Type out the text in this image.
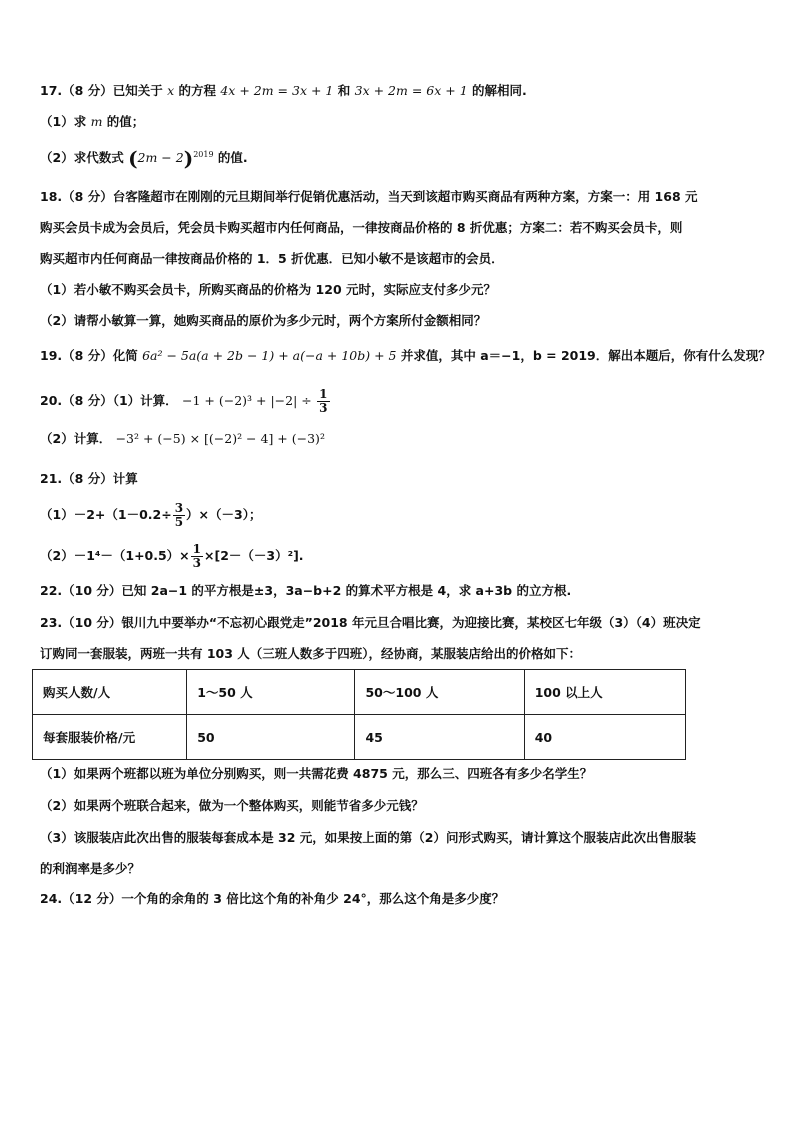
17.（8 分）已知关于 x 的方程 4x + 2m = 3x + 1 和 3x + 2m = 6x + 1 的解相同.
（1）求 m 的值；
（2）求代数式 $(2m - 2)^{2019}$ 的值.
18.（8 分）台客隆超市在刚刚的元旦期间举行促销优惠活动，当天到该超市购买商品有两种方案，方案一：用 168 元
购买会员卡成为会员后，凭会员卡购买超市内任何商品，一律按商品价格的 8 折优惠；方案二：若不购买会员卡，则
购买超市内任何商品一律按商品价格的 1．5 折优惠．已知小敏不是该超市的会员．
（1）若小敏不购买会员卡，所购买商品的价格为 120 元时，实际应支付多少元？
（2）请帮小敏算一算，她购买商品的原价为多少元时，两个方案所付金额相同？
19.（8 分）化简 6a² − 5a(a + 2b − 1) + a(−a + 10b) + 5 并求值，其中 a＝−1，b = 2019．解出本题后，你有什么发现？
20.（8 分）（1）计算． $-1 + (-2)^3 + |-2| \div \frac{1}{3}$
（2）计算． −3² + (−5) × [(−2)² − 4] + (−3)²
21.（8 分）计算
$(1)-2+(1-0.2\div \frac{3}{5} )\times(-3)$；
$(2)-1^4-(1+0.5)\times \frac{1}{3} \times[2-(-3)^2]$.
22.（10 分）已知 2a−1 的平方根是±3，3a−b+2 的算术平方根是 4，求 a+3b 的立方根.
23.（10 分）银川九中要举办“不忘初心跟党走”2018 年元旦合唱比赛，为迎接比赛，某校区七年级（3）（4）班决定
订购同一套服装，两班一共有 103 人（三班人数多于四班），经协商，某服装店给出的价格如下：
购买人数/人	1～50 人	50～100 人	100 以上人
每套服装价格/元	50	45	40
（1）如果两个班都以班为单位分别购买，则一共需花费 4875 元，那么三、四班各有多少名学生？
（2）如果两个班联合起来，做为一个整体购买，则能节省多少元钱？
（3）该服装店此次出售的服装每套成本是 32 元，如果按上面的第（2）问形式购买，请计算这个服装店此次出售服装
的利润率是多少？
24.（12 分）一个角的余角的 3 倍比这个角的补角少 24°，那么这个角是多少度？
